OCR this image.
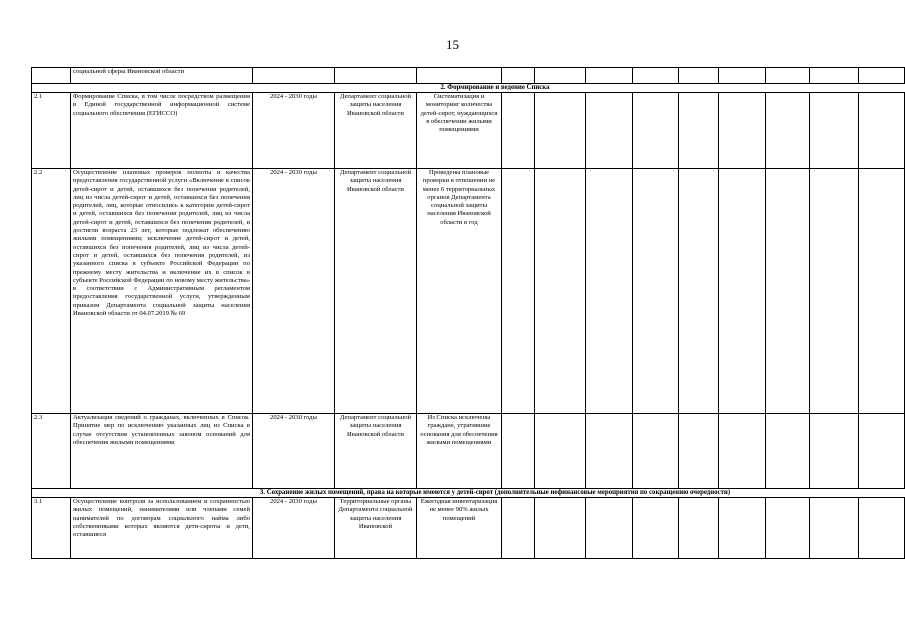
15
	социальной сферы Ивановской области													
2. Формирование и ведение Списка														
2.1	Формирование Списка, в том числе посредством размещения в Единой государственной информационной системе социального обеспечения (ЕГИССО)	2024 - 2030 годы	Департамент социальной защиты населения Ивановской области	Систематизация и мониторинг количества детей-сирот, нуждающихся в обеспечении жилыми помещениями										
2.2	Осуществление плановых проверок полноты и качества предоставления государственной услуги «Включение в список детей-сирот и детей, оставшихся без попечения родителей, лиц из числа детей-сирот и детей, оставшихся без попечения родителей, лиц, которые относились к категории детей-сирот и детей, оставшихся без попечения родителей, лиц из числа детей-сирот и детей, оставшихся без попечения родителей, и достигли возраста 23 лет, которые подлежат обеспечению жилыми помещениями; исключение детей-сирот и детей, оставшихся без попечения родителей, лиц из числа детей-сирот и детей, оставшихся без попечения родителей, из указанного списка в субъекте Российской Федерации по прежнему месту жительства и включение их в список в субъекте Российской Федерации по новому месту жительства» в соответствии с Административным регламентом предоставления государственной услуги, утвержденным приказом Департамента социальной защиты населения Ивановской области от 04.07.2019 № 69	2024 - 2030 годы	Департамент социальной защиты населения Ивановской области	Проведены плановые проверки в отношении не менее 6 территориальных органов Департамента социальной защиты населения Ивановской области в год										
2.3	Актуализация сведений о гражданах, включенных в Список. Принятие мер по исключению указанных лиц из Списка в случае отсутствия установленных законом оснований для обеспечения жилыми помещениями	2024 - 2030 годы	Департамент социальной защиты населения Ивановской области	Из Списка исключены граждане, утратившие основания для обеспечения жилыми помещениями										
3. Сохранение жилых помещений, права на которые имеются у детей-сирот (дополнительные нефинансовые мероприятия по сокращению очередности)														
3.1	Осуществление контроля за использованием и сохранностью жилых помещений, нанимателями или членами семей нанимателей по договорам социального найма либо собственниками которых являются дети-сироты и дети, оставшиеся	2024 - 2030 годы	Территориальные органы Департамента социальной защиты населения Ивановской	Ежегодная инвентаризация не менее 90% жилых помещений										
